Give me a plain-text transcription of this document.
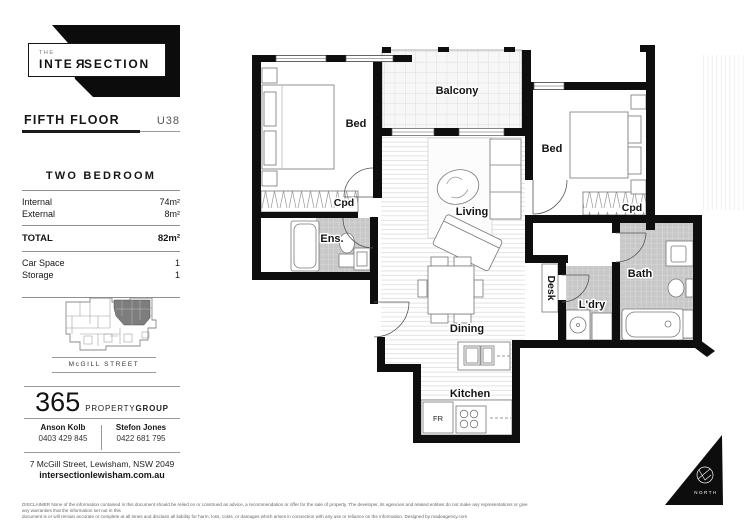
THE
INTERSECTION
FIFTH FLOOR	U38
TWO BEDROOM
Internal	74m²
External	8m²
TOTAL	82m²
Car Space	1
Storage	1
McGILL STREET
365 PROPERTYGROUP
Anson Kolb
0403 429 845
Stefon Jones
0422 681 795
7 McGill Street, Lewisham, NSW 2049
intersectionlewisham.com.au
DISCLAIMER None of the information contained in this document should be relied on or construed as advice, a recommendation or offer for the sale of property. The developer, its agencies and related entities do not make any representations or give any warranties that the information set out in this
document is or will remain accurate or complete at all times and disclaim all liability for harm, loss, costs, or damages which arises in connection with any use or reliance on the information. Designed by madeagency.com
Bed
Balcony
Bed
Living
Cpd	Cpd
Ens.
Bath
L'dry
Desk
Dining
Kitchen
FR
NORTH
